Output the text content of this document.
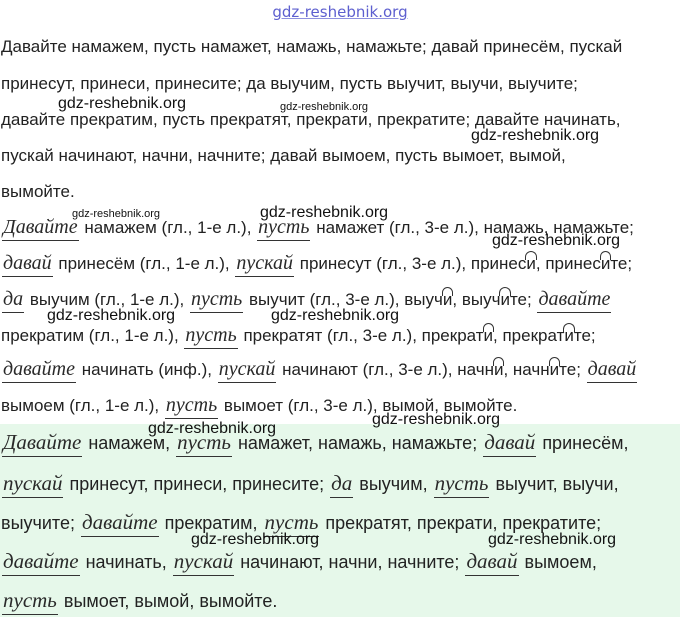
gdz-reshebnik.org
Давайте намажем, пусть намажет, намажь, намажьте; давай принесём, пускай
принесут, принеси, принесите; да выучим, пусть выучит, выучи, выучите;
давайте прекратим, пусть прекратят, прекрати, прекратите; давайте начинать,
пускай начинают, начни, начните; давай вымоем, пусть вымоет, вымой,
вымойте.
Давайте намажем (гл., 1-е л.), пусть намажет (гл., 3-е л.), намажь, намажьте;
давай принесём (гл., 1-е л.), пускай принесут (гл., 3-е л.), принеси, принесите;
да выучим (гл., 1-е л.), пусть выучит (гл., 3-е л.), выучи, выучите; давайте
прекратим (гл., 1-е л.), пусть прекратят (гл., 3-е л.), прекрати, прекратите;
давайте начинать (инф.), пускай начинают (гл., 3-е л.), начни, начните; давай
вымоем (гл., 1-е л.), пусть вымоет (гл., 3-е л.), вымой, вымойте.
Давайте намажем, пусть намажет, намажь, намажьте; давай принесём,
пускай принесут, принеси, принесите; да выучим, пусть выучит, выучи,
выучите; давайте прекратим, пусть прекратят, прекрати, прекратите;
давайте начинать, пускай начинают, начни, начните; давай вымоем,
пусть вымоет, вымой, вымойте.
gdz-reshebnik.org	gdz-reshebnik.org
gdz-reshebnik.org
gdz-reshebnik.org	gdz-reshebnik.org
gdz-reshebnik.org
gdz-reshebnik.org	gdz-reshebnik.org
gdz-reshebnik.org
gdz-reshebnik.org
gdz-reshebnik.org	gdz-reshebnik.org
